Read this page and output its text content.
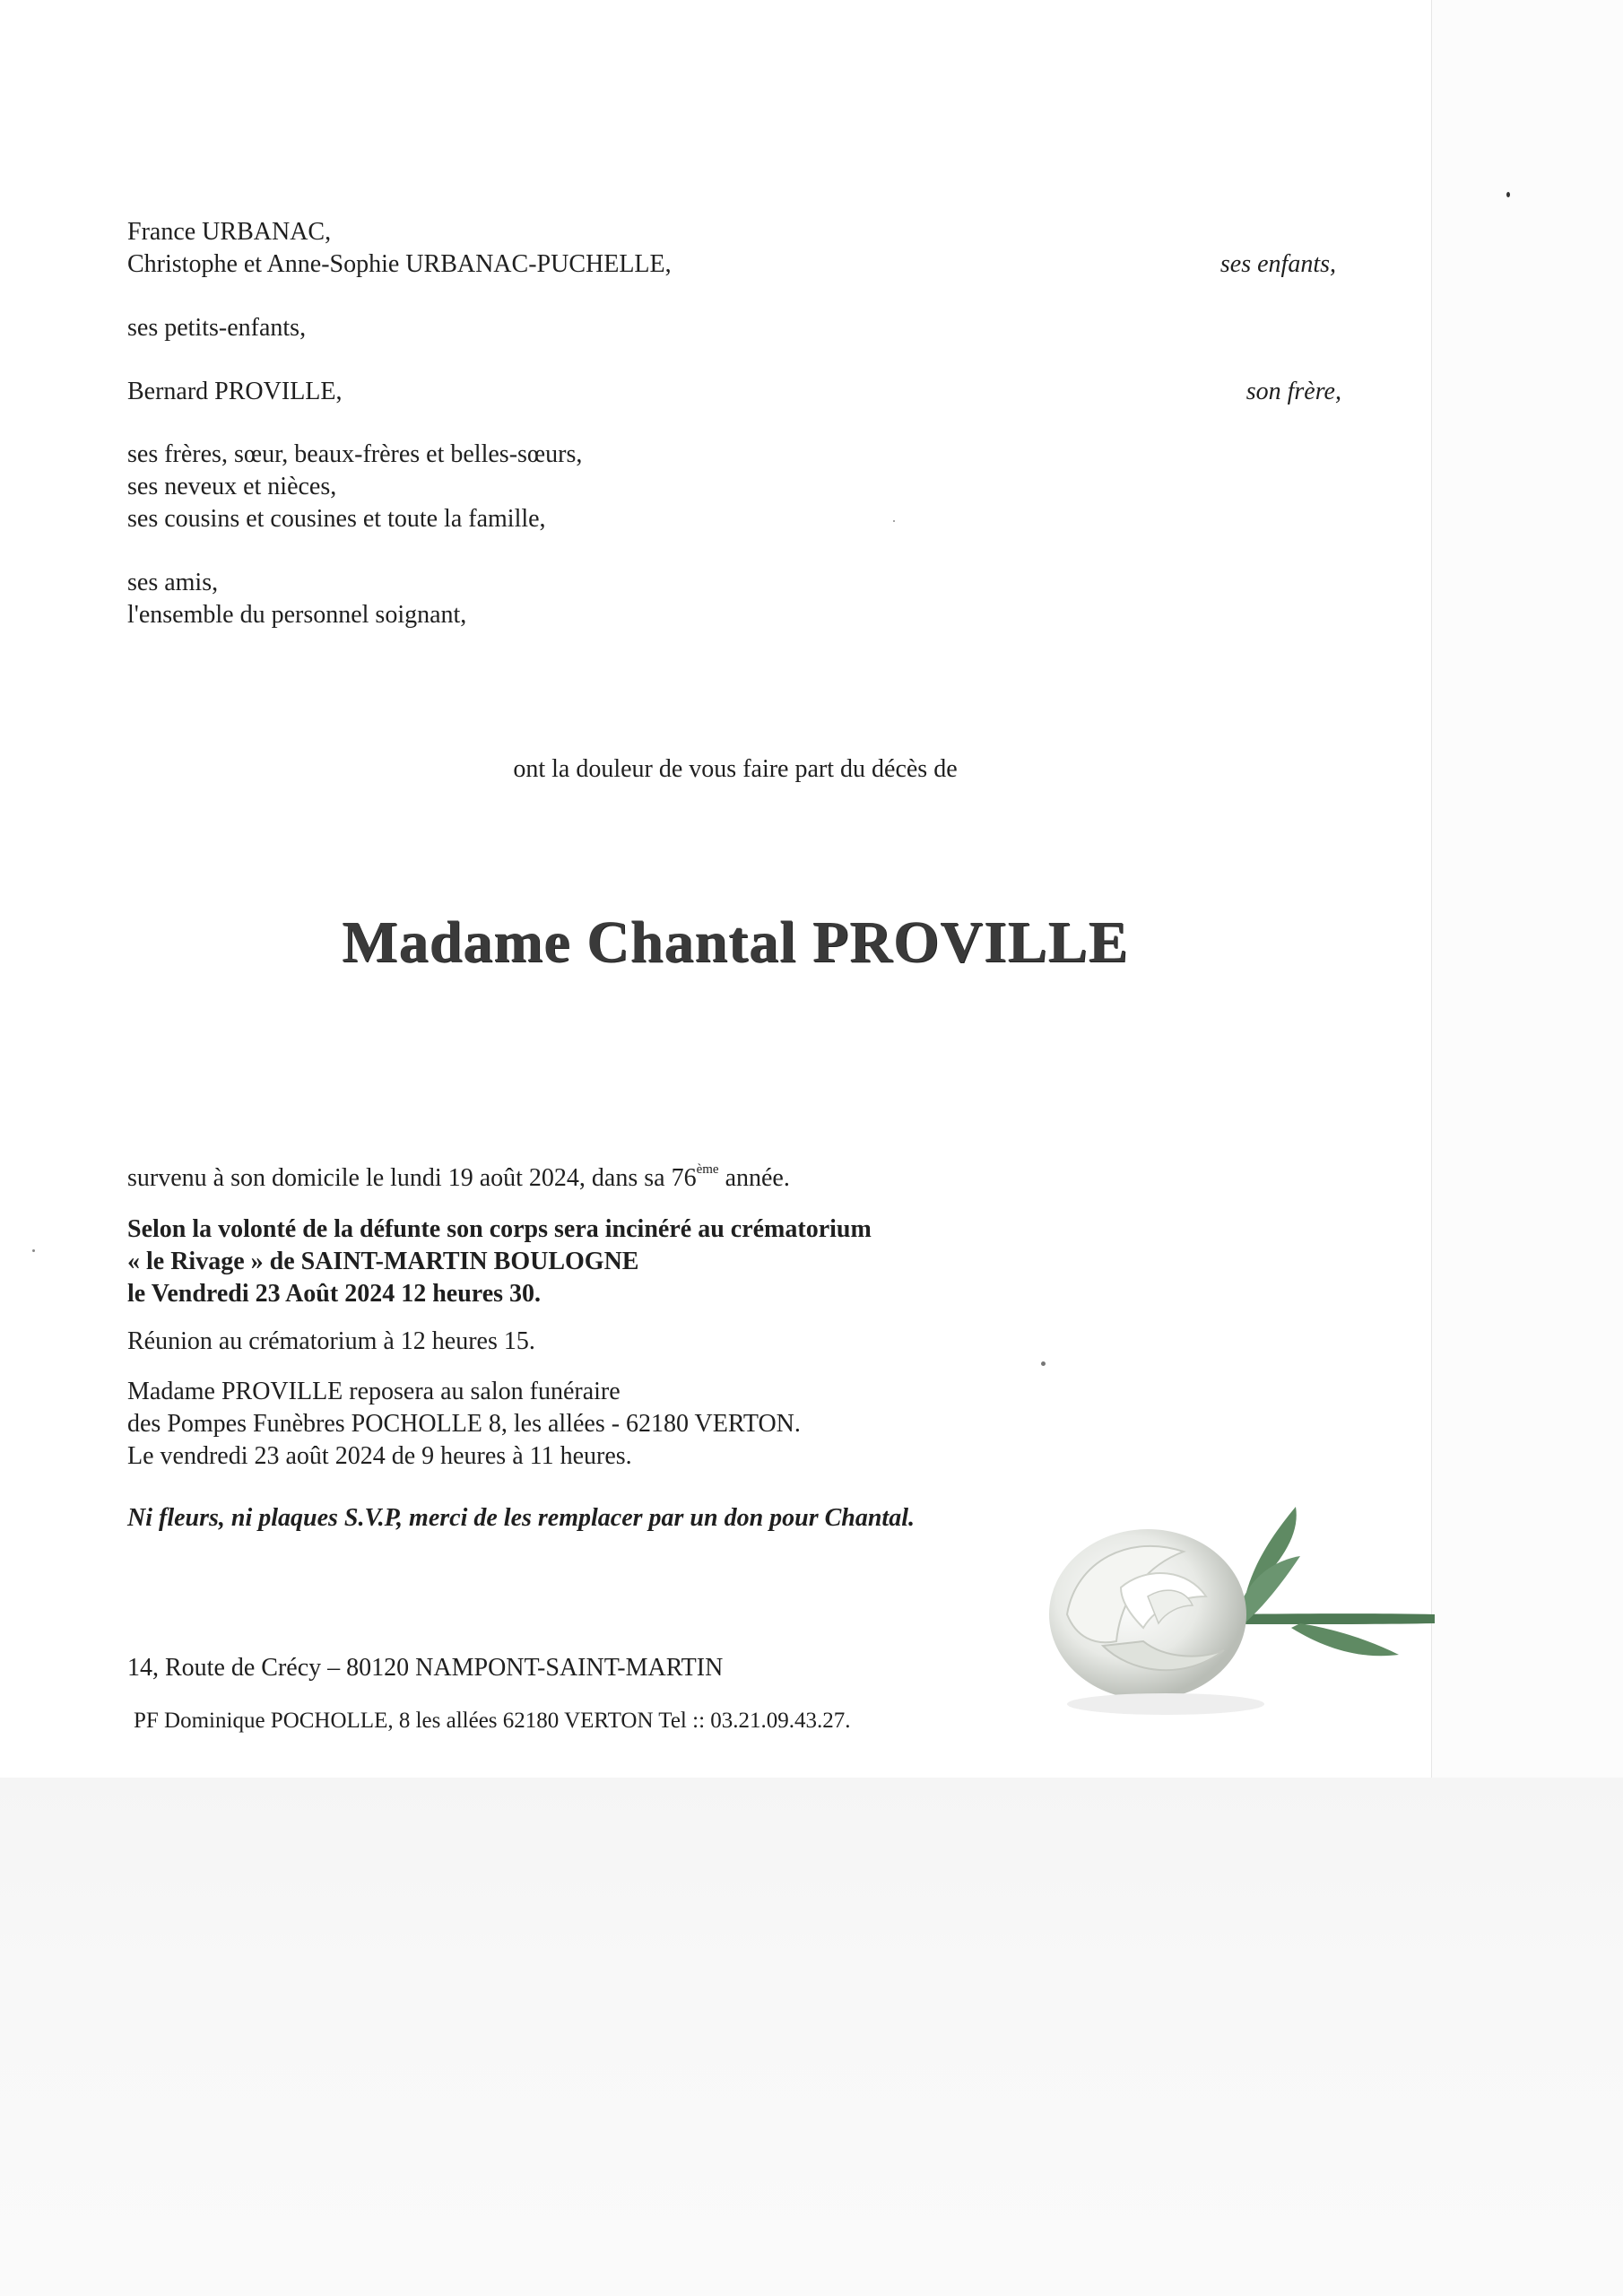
France URBANAC,
Christophe et Anne-Sophie URBANAC-PUCHELLE,	ses enfants,
ses petits-enfants,
Bernard PROVILLE,	son frère,
ses frères, sœur, beaux-frères et belles-sœurs,
ses neveux et nièces,
ses cousins et cousines et toute la famille,
ses amis,
l'ensemble du personnel soignant,
ont la douleur de vous faire part du décès de
Madame Chantal PROVILLE
survenu à son domicile le lundi 19 août 2024, dans sa 76ème année.
Selon la volonté de la défunte son corps sera incinéré au crématorium
« le Rivage » de SAINT-MARTIN BOULOGNE
le Vendredi 23 Août 2024 12 heures 30.
Réunion au crématorium à 12 heures 15.
Madame PROVILLE reposera au salon funéraire
des Pompes Funèbres POCHOLLE 8, les allées - 62180 VERTON.
Le vendredi 23 août 2024 de 9 heures à 11 heures.
Ni fleurs, ni plaques S.V.P, merci de les remplacer par un don pour Chantal.
14, Route de Crécy – 80120 NAMPONT-SAINT-MARTIN
PF Dominique POCHOLLE, 8 les allées 62180 VERTON Tel :: 03.21.09.43.27.
